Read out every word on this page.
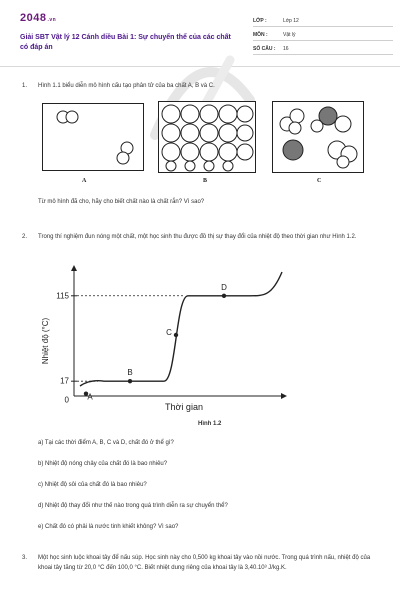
2048.vn
Giải SBT Vật lý 12 Cánh diều Bài 1: Sự chuyển thể của các chất có đáp án
LỚP :	Lớp 12
MÔN :	Vật lý
SỐ CÂU :	16
1. Hình 1.1 biểu diễn mô hình cấu tạo phân tử của ba chất A, B và C.
A	B	C
Từ mô hình đã cho, hãy cho biết chất nào là chất rắn? Vì sao?
2. Trong thí nghiệm đun nóng một chất, một học sinh thu được đồ thị sự thay đổi của nhiệt độ theo thời gian như Hình 1.2.
0
17
115
Thời gian
Nhiệt độ (°C)
A
B
C
D
Hình 1.2
a) Tại các thời điểm A, B, C và D, chất đó ở thể gì?
b) Nhiệt độ nóng chảy của chất đó là bao nhiêu?
c) Nhiệt độ sôi của chất đó là bao nhiêu?
d) Nhiệt độ thay đổi như thế nào trong quá trình diễn ra sự chuyển thể?
e) Chất đó có phải là nước tinh khiết không? Vì sao?
3. Một học sinh luộc khoai tây để nấu súp. Học sinh này cho 0,500 kg khoai tây vào nồi nước. Trong quá trình nấu, nhiệt độ của khoai tây tăng từ 20,0 °C đến 100,0 °C. Biết nhiệt dung riêng của khoai tây là 3,40.10³ J/kg.K.
